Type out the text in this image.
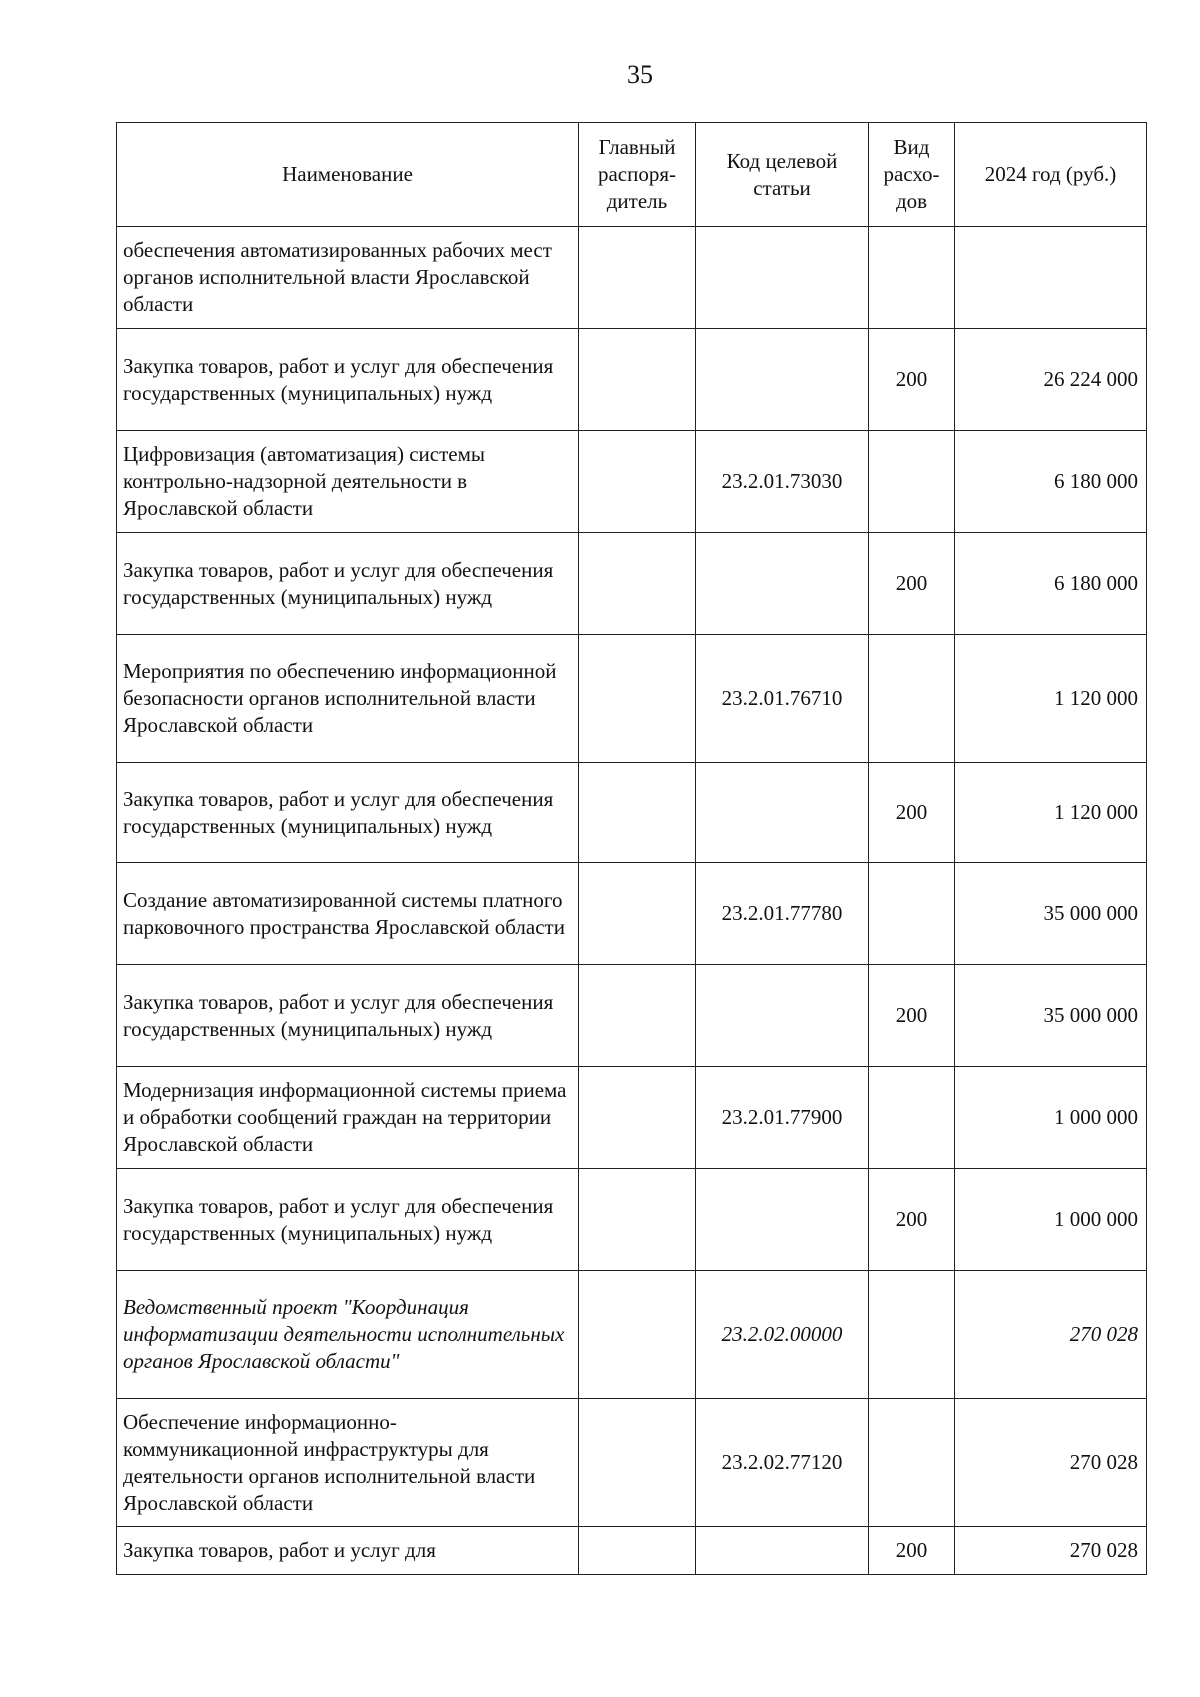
35
Наименование	Главный распоря-дитель	Код целевой статьи	Вид расхо-дов	2024 год (руб.)
обеспечения автоматизированных рабочих мест органов исполнительной власти Ярославской области				
Закупка товаров, работ и услуг для обеспечения государственных (муниципальных) нужд			200	26 224 000
Цифровизация (автоматизация) системы контрольно-надзорной деятельности в Ярославской области		23.2.01.73030		6 180 000
Закупка товаров, работ и услуг для обеспечения государственных (муниципальных) нужд			200	6 180 000
Мероприятия по обеспечению информационной безопасности органов исполнительной власти Ярославской области		23.2.01.76710		1 120 000
Закупка товаров, работ и услуг для обеспечения государственных (муниципальных) нужд			200	1 120 000
Создание автоматизированной системы платного парковочного пространства Ярославской области		23.2.01.77780		35 000 000
Закупка товаров, работ и услуг для обеспечения государственных (муниципальных) нужд			200	35 000 000
Модернизация информационной системы приема и обработки сообщений граждан на территории Ярославской области		23.2.01.77900		1 000 000
Закупка товаров, работ и услуг для обеспечения государственных (муниципальных) нужд			200	1 000 000
Ведомственный проект "Координация информатизации деятельности исполнительных органов Ярославской области"		23.2.02.00000		270 028
Обеспечение информационно-коммуникационной инфраструктуры для деятельности органов исполнительной власти Ярославской области		23.2.02.77120		270 028
Закупка товаров, работ и услуг для			200	270 028
